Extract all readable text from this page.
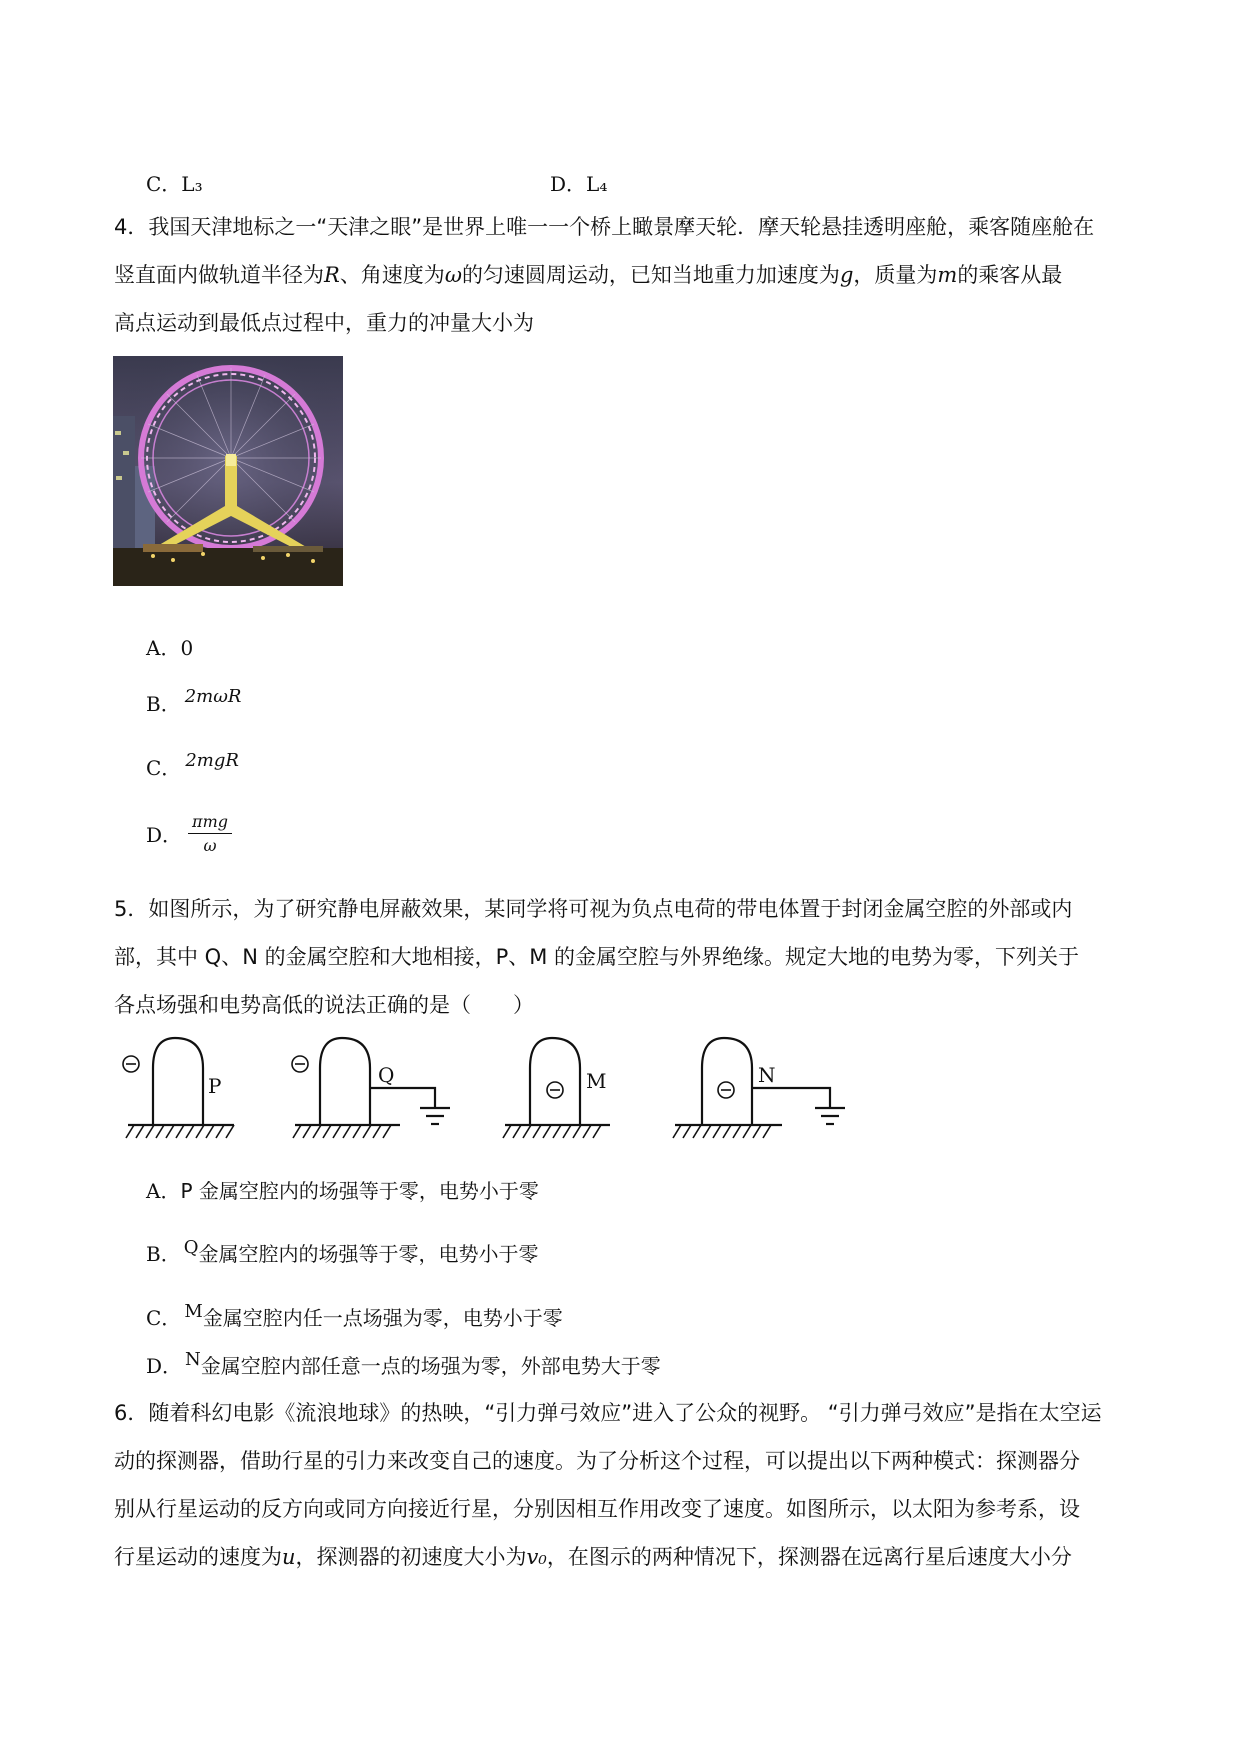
C．L₃	D．L₄
4．我国天津地标之一“天津之眼”是世界上唯一一个桥上瞰景摩天轮．摩天轮悬挂透明座舱，乘客随座舱在
竖直面内做轨道半径为R、角速度为ω的匀速圆周运动，已知当地重力加速度为g，质量为m的乘客从最
高点运动到最低点过程中，重力的冲量大小为
A．0
B． 2mωR
C． 2mgR
D． $\frac{\text{πmg}}{\omega}$
5．如图所示，为了研究静电屏蔽效果，某同学将可视为负点电荷的带电体置于封闭金属空腔的外部或内
部，其中 Q、N 的金属空腔和大地相接，P、M 的金属空腔与外界绝缘。规定大地的电势为零，下列关于
各点场强和电势高低的说法正确的是（　　）
P	Q	M	N
A．P 金属空腔内的场强等于零，电势小于零
B． Q金属空腔内的场强等于零，电势小于零
C． M金属空腔内任一点场强为零，电势小于零
D． N金属空腔内部任意一点的场强为零，外部电势大于零
6．随着科幻电影《流浪地球》的热映，“引力弹弓效应”进入了公众的视野。 “引力弹弓效应”是指在太空运
动的探测器，借助行星的引力来改变自己的速度。为了分析这个过程，可以提出以下两种模式：探测器分
别从行星运动的反方向或同方向接近行星，分别因相互作用改变了速度。如图所示，以太阳为参考系，设
行星运动的速度为u，探测器的初速度大小为v₀，在图示的两种情况下，探测器在远离行星后速度大小分
